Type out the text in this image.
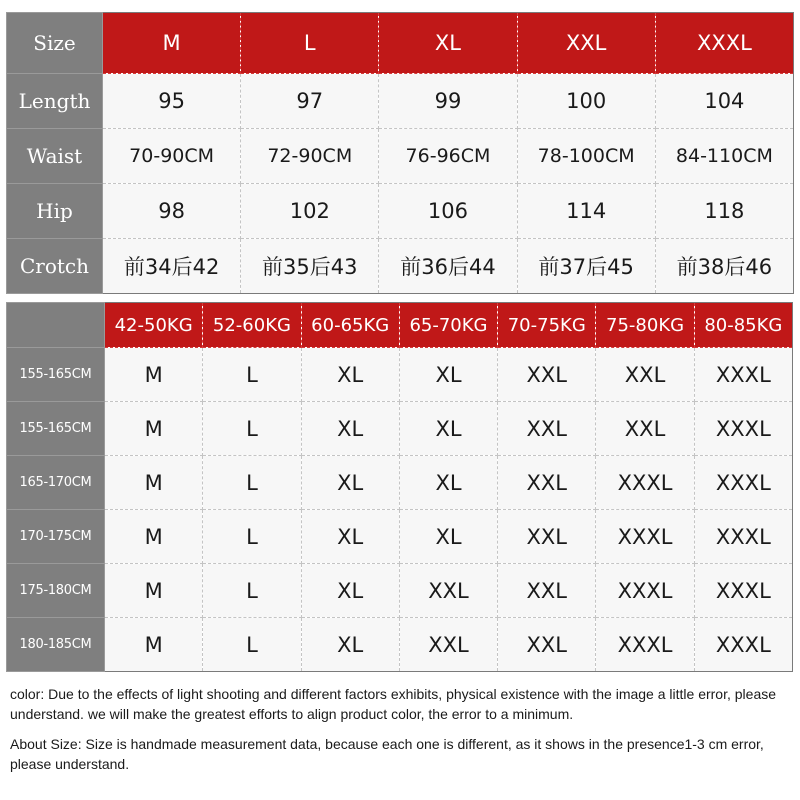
Size	M	L	XL	XXL	XXXL
Length	95	97	99	100	104
Waist	70-90CM	72-90CM	76-96CM	78-100CM	84-110CM
Hip	98	102	106	114	118
Crotch	前34后42	前35后43	前36后44	前37后45	前38后46
	42-50KG	52-60KG	60-65KG	65-70KG	70-75KG	75-80KG	80-85KG
155-165CM	M	L	XL	XL	XXL	XXL	XXXL
155-165CM	M	L	XL	XL	XXL	XXL	XXXL
165-170CM	M	L	XL	XL	XXL	XXXL	XXXL
170-175CM	M	L	XL	XL	XXL	XXXL	XXXL
175-180CM	M	L	XL	XXL	XXL	XXXL	XXXL
180-185CM	M	L	XL	XXL	XXL	XXXL	XXXL

color: Due to the effects of light shooting and different factors exhibits, physical existence with the image a little error, please understand. we will make the greatest efforts to align product color, the error to a minimum.

About Size: Size is handmade measurement data, because each one is different, as it shows in the presence1-3 cm error, please understand.
